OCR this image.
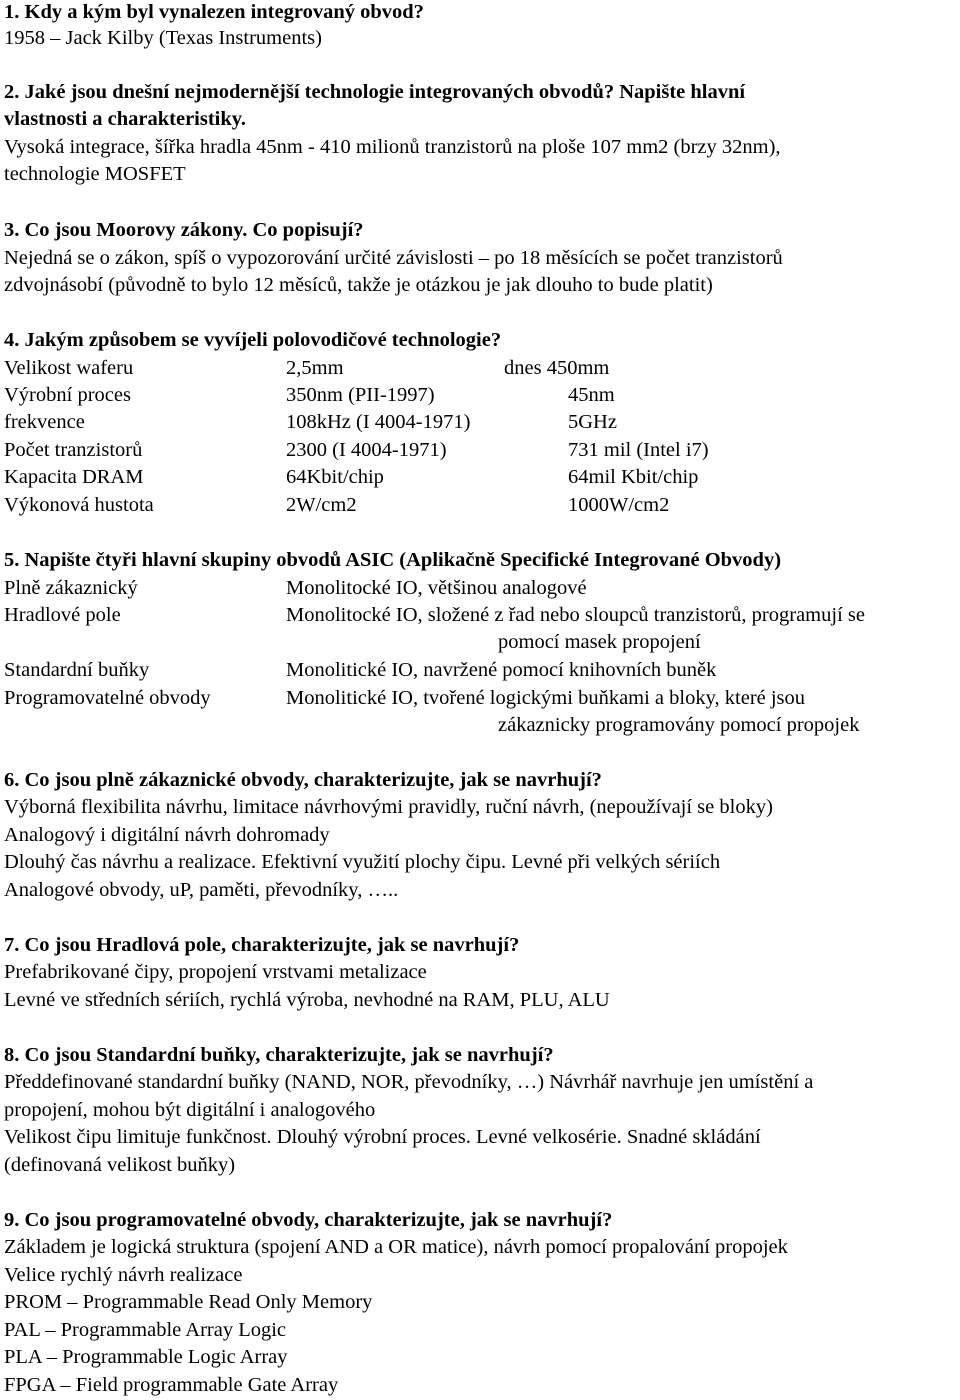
1. Kdy a kým byl vynalezen integrovaný obvod?
1958 – Jack Kilby (Texas Instruments)
2. Jaké jsou dnešní nejmodernější technologie integrovaných obvodů? Napište hlavní
vlastnosti a charakteristiky.
Vysoká integrace, šířka hradla 45nm - 410 milionů tranzistorů na ploše 107 mm2 (brzy 32nm),
technologie MOSFET
3. Co jsou Moorovy zákony. Co popisují?
Nejedná se o zákon, spíš o vypozorování určité závislosti – po 18 měsících se počet tranzistorů
zdvojnásobí (původně to bylo 12 měsíců, takže je otázkou je jak dlouho to bude platit)
4. Jakým způsobem se vyvíjeli polovodičové technologie?
Velikost waferu	2,5mm	dnes 450mm
Výrobní proces	350nm (PII-1997)	45nm
frekvence	108kHz (I 4004-1971)	5GHz
Počet tranzistorů	2300 (I 4004-1971)	731 mil (Intel i7)
Kapacita DRAM	64Kbit/chip	64mil Kbit/chip
Výkonová hustota	2W/cm2	1000W/cm2
5. Napište čtyři hlavní skupiny obvodů ASIC (Aplikačně Specifické Integrované Obvody)
Plně zákaznický	Monolitocké IO, většinou analogové
Hradlové pole	Monolitocké IO, složené z řad nebo sloupců tranzistorů, programují se
pomocí masek propojení
Standardní buňky	Monolitické IO, navržené pomocí knihovních buněk
Programovatelné obvody	Monolitické IO, tvořené logickými buňkami a bloky, které jsou
zákaznicky programovány pomocí propojek
6. Co jsou plně zákaznické obvody, charakterizujte, jak se navrhují?
Výborná flexibilita návrhu, limitace návrhovými pravidly, ruční návrh, (nepoužívají se bloky)
Analogový i digitální návrh dohromady
Dlouhý čas návrhu a realizace. Efektivní využití plochy čipu. Levné při velkých sériích
Analogové obvody, uP, paměti, převodníky, …..
7. Co jsou Hradlová pole, charakterizujte, jak se navrhují?
Prefabrikované čipy, propojení vrstvami metalizace
Levné ve středních sériích, rychlá výroba, nevhodné na RAM, PLU, ALU
8. Co jsou Standardní buňky, charakterizujte, jak se navrhují?
Předdefinované standardní buňky (NAND, NOR, převodníky, …) Návrhář navrhuje jen umístění a
propojení, mohou být digitální i analogového
Velikost čipu limituje funkčnost. Dlouhý výrobní proces. Levné velkosérie. Snadné skládání
(definovaná velikost buňky)
9. Co jsou programovatelné obvody, charakterizujte, jak se navrhují?
Základem je logická struktura (spojení AND a OR matice), návrh pomocí propalování propojek
Velice rychlý návrh realizace
PROM – Programmable Read Only Memory
PAL – Programmable Array Logic
PLA – Programmable Logic Array
FPGA – Field programmable Gate Array
